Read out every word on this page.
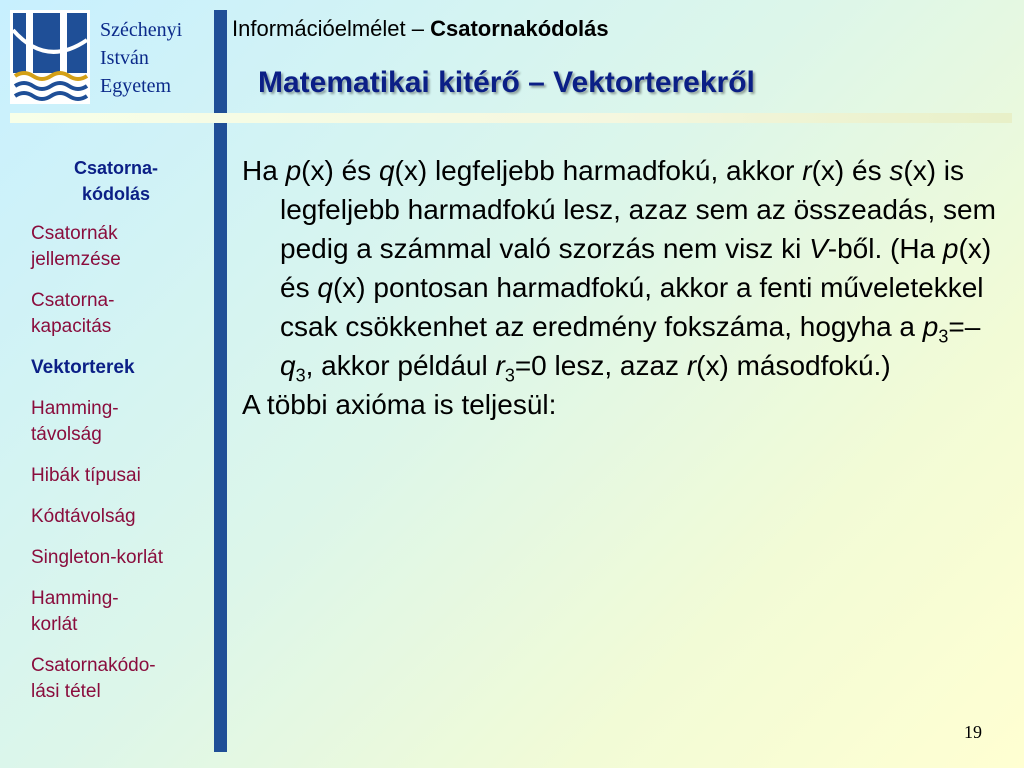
Széchenyi
István
Egyetem
Információelmélet – Csatornakódolás
Matematikai kitérő – Vektorterekről
Csatorna-
kódolás
Csatornák
jellemzése
Csatorna-
kapacitás
Vektorterek
Hamming-
távolság
Hibák típusai
Kódtávolság
Singleton-korlát
Hamming-
korlát
Csatornakódo-
lási tétel
Ha p(x) és q(x) legfeljebb harmadfokú, akkor r(x) és s(x) is legfeljebb harmadfokú lesz, azaz sem az összeadás, sem pedig a számmal való szorzás nem visz ki V-ből. (Ha p(x) és q(x) pontosan harmadfokú, akkor a fenti műveletekkel csak csökkenhet az eredmény fokszáma, hogyha a $p_3=-q_3$, akkor például $r_3=0$ lesz, azaz r(x) másodfokú.)
A többi axióma is teljesül:
19
